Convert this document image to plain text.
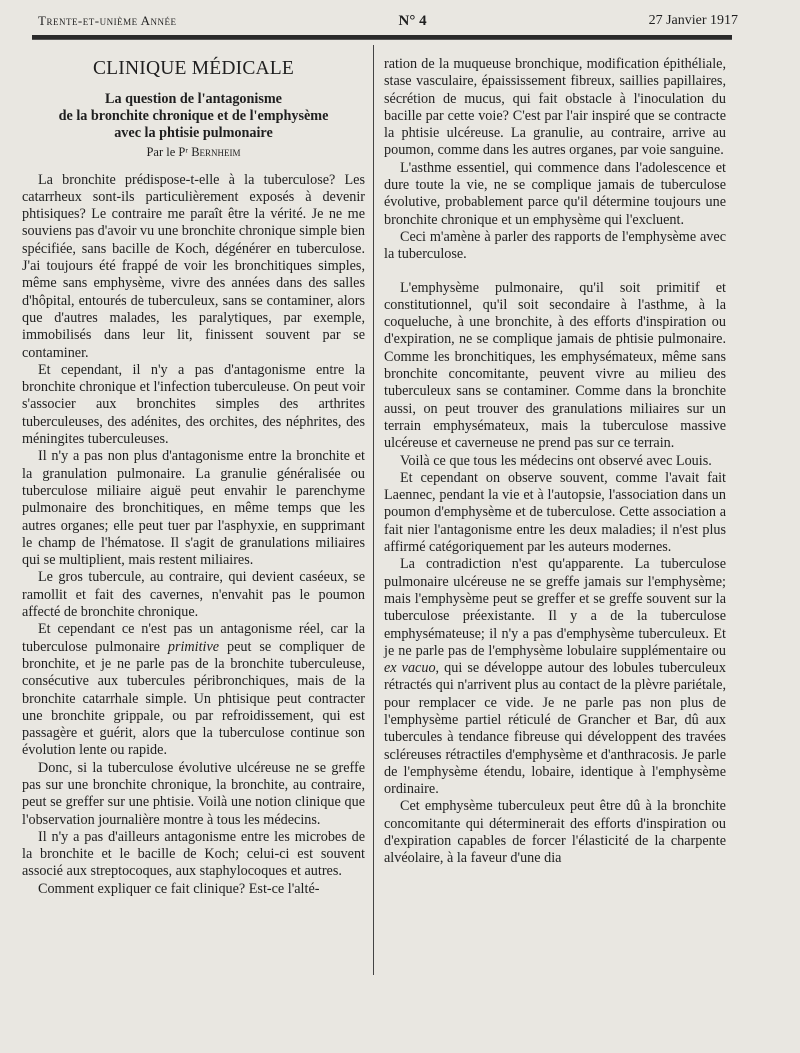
Trente-et-unième Année	N° 4	27 Janvier 1917
CLINIQUE MÉDICALE

La question de l'antagonisme

de la bronchite chronique et de l'emphysème

avec la phtisie pulmonaire

Par le Pʳ Bernheim

La bronchite prédispose-t-elle à la tuberculose? Les catarrheux sont-ils particulièrement exposés à devenir phtisiques? Le contraire me paraît être la vérité. Je ne me souviens pas d'avoir vu une bronchite chronique simple bien spécifiée, sans bacille de Koch, dégénérer en tuberculose. J'ai toujours été frappé de voir les bronchitiques simples, même sans emphysème, vivre des années dans des salles d'hôpital, entourés de tuberculeux, sans se contaminer, alors que d'autres malades, les paralytiques, par exemple, immobilisés dans leur lit, finissent souvent par se contaminer.

Et cependant, il n'y a pas d'antagonisme entre la bronchite chronique et l'infection tuberculeuse. On peut voir s'associer aux bronchites simples des arthrites tuberculeuses, des adénites, des orchites, des néphrites, des méningites tuberculeuses.

Il n'y a pas non plus d'antagonisme entre la bronchite et la granulation pulmonaire. La granulie généralisée ou tuberculose miliaire aiguë peut envahir le parenchyme pulmonaire des bronchitiques, en même temps que les autres organes; elle peut tuer par l'asphyxie, en supprimant le champ de l'hématose. Il s'agit de granulations miliaires qui se multiplient, mais restent miliaires.

Le gros tubercule, au contraire, qui devient caséeux, se ramollit et fait des cavernes, n'envahit pas le poumon affecté de bronchite chronique.

Et cependant ce n'est pas un antagonisme réel, car la tuberculose pulmonaire primitive peut se compliquer de bronchite, et je ne parle pas de la bronchite tuberculeuse, consécutive aux tubercules péribronchiques, mais de la bronchite catarrhale simple. Un phtisique peut contracter une bronchite grippale, ou par refroidissement, qui est passagère et guérit, alors que la tuberculose continue son évolution lente ou rapide.

Donc, si la tuberculose évolutive ulcéreuse ne se greffe pas sur une bronchite chronique, la bronchite, au contraire, peut se greffer sur une phtisie. Voilà une notion clinique que l'observation journalière montre à tous les médecins.

Il n'y a pas d'ailleurs antagonisme entre les microbes de la bronchite et le bacille de Koch; celui-ci est souvent associé aux streptocoques, aux staphylocoques et autres.

Comment expliquer ce fait clinique? Est-ce l'alté-

ration de la muqueuse bronchique, modification épithéliale, stase vasculaire, épaississement fibreux, saillies papillaires, sécrétion de mucus, qui fait obstacle à l'inoculation du bacille par cette voie? C'est par l'air inspiré que se contracte la phtisie ulcéreuse. La granulie, au contraire, arrive au poumon, comme dans les autres organes, par voie sanguine.

L'asthme essentiel, qui commence dans l'adolescence et dure toute la vie, ne se complique jamais de tuberculose évolutive, probablement parce qu'il détermine toujours une bronchite chronique et un emphysème qui l'excluent.

Ceci m'amène à parler des rapports de l'emphysème avec la tuberculose.

L'emphysème pulmonaire, qu'il soit primitif et constitutionnel, qu'il soit secondaire à l'asthme, à la coqueluche, à une bronchite, à des efforts d'inspiration ou d'expiration, ne se complique jamais de phtisie pulmonaire. Comme les bronchitiques, les emphysémateux, même sans bronchite concomitante, peuvent vivre au milieu des tuberculeux sans se contaminer. Comme dans la bronchite aussi, on peut trouver des granulations miliaires sur un terrain emphysémateux, mais la tuberculose massive ulcéreuse et caverneuse ne prend pas sur ce terrain.

Voilà ce que tous les médecins ont observé avec Louis.

Et cependant on observe souvent, comme l'avait fait Laennec, pendant la vie et à l'autopsie, l'association dans un poumon d'emphysème et de tuberculose. Cette association a fait nier l'antagonisme entre les deux maladies; il n'est plus affirmé catégoriquement par les auteurs modernes.

La contradiction n'est qu'apparente. La tuberculose pulmonaire ulcéreuse ne se greffe jamais sur l'emphysème; mais l'emphysème peut se greffer et se greffe souvent sur la tuberculose préexistante. Il y a de la tuberculose emphysémateuse; il n'y a pas d'emphysème tuberculeux. Et je ne parle pas de l'emphysème lobulaire supplémentaire ou ex vacuo, qui se développe autour des lobules tuberculeux rétractés qui n'arrivent plus au contact de la plèvre pariétale, pour remplacer ce vide. Je ne parle pas non plus de l'emphysème partiel réticulé de Grancher et Bar, dû aux tubercules à tendance fibreuse qui développent des travées scléreuses rétractiles d'emphysème et d'anthracosis. Je parle de l'emphysème étendu, lobaire, identique à l'emphysème ordinaire.

Cet emphysème tuberculeux peut être dû à la bronchite concomitante qui déterminerait des efforts d'inspiration ou d'expiration capables de forcer l'élasticité de la charpente alvéolaire, à la faveur d'une dia
